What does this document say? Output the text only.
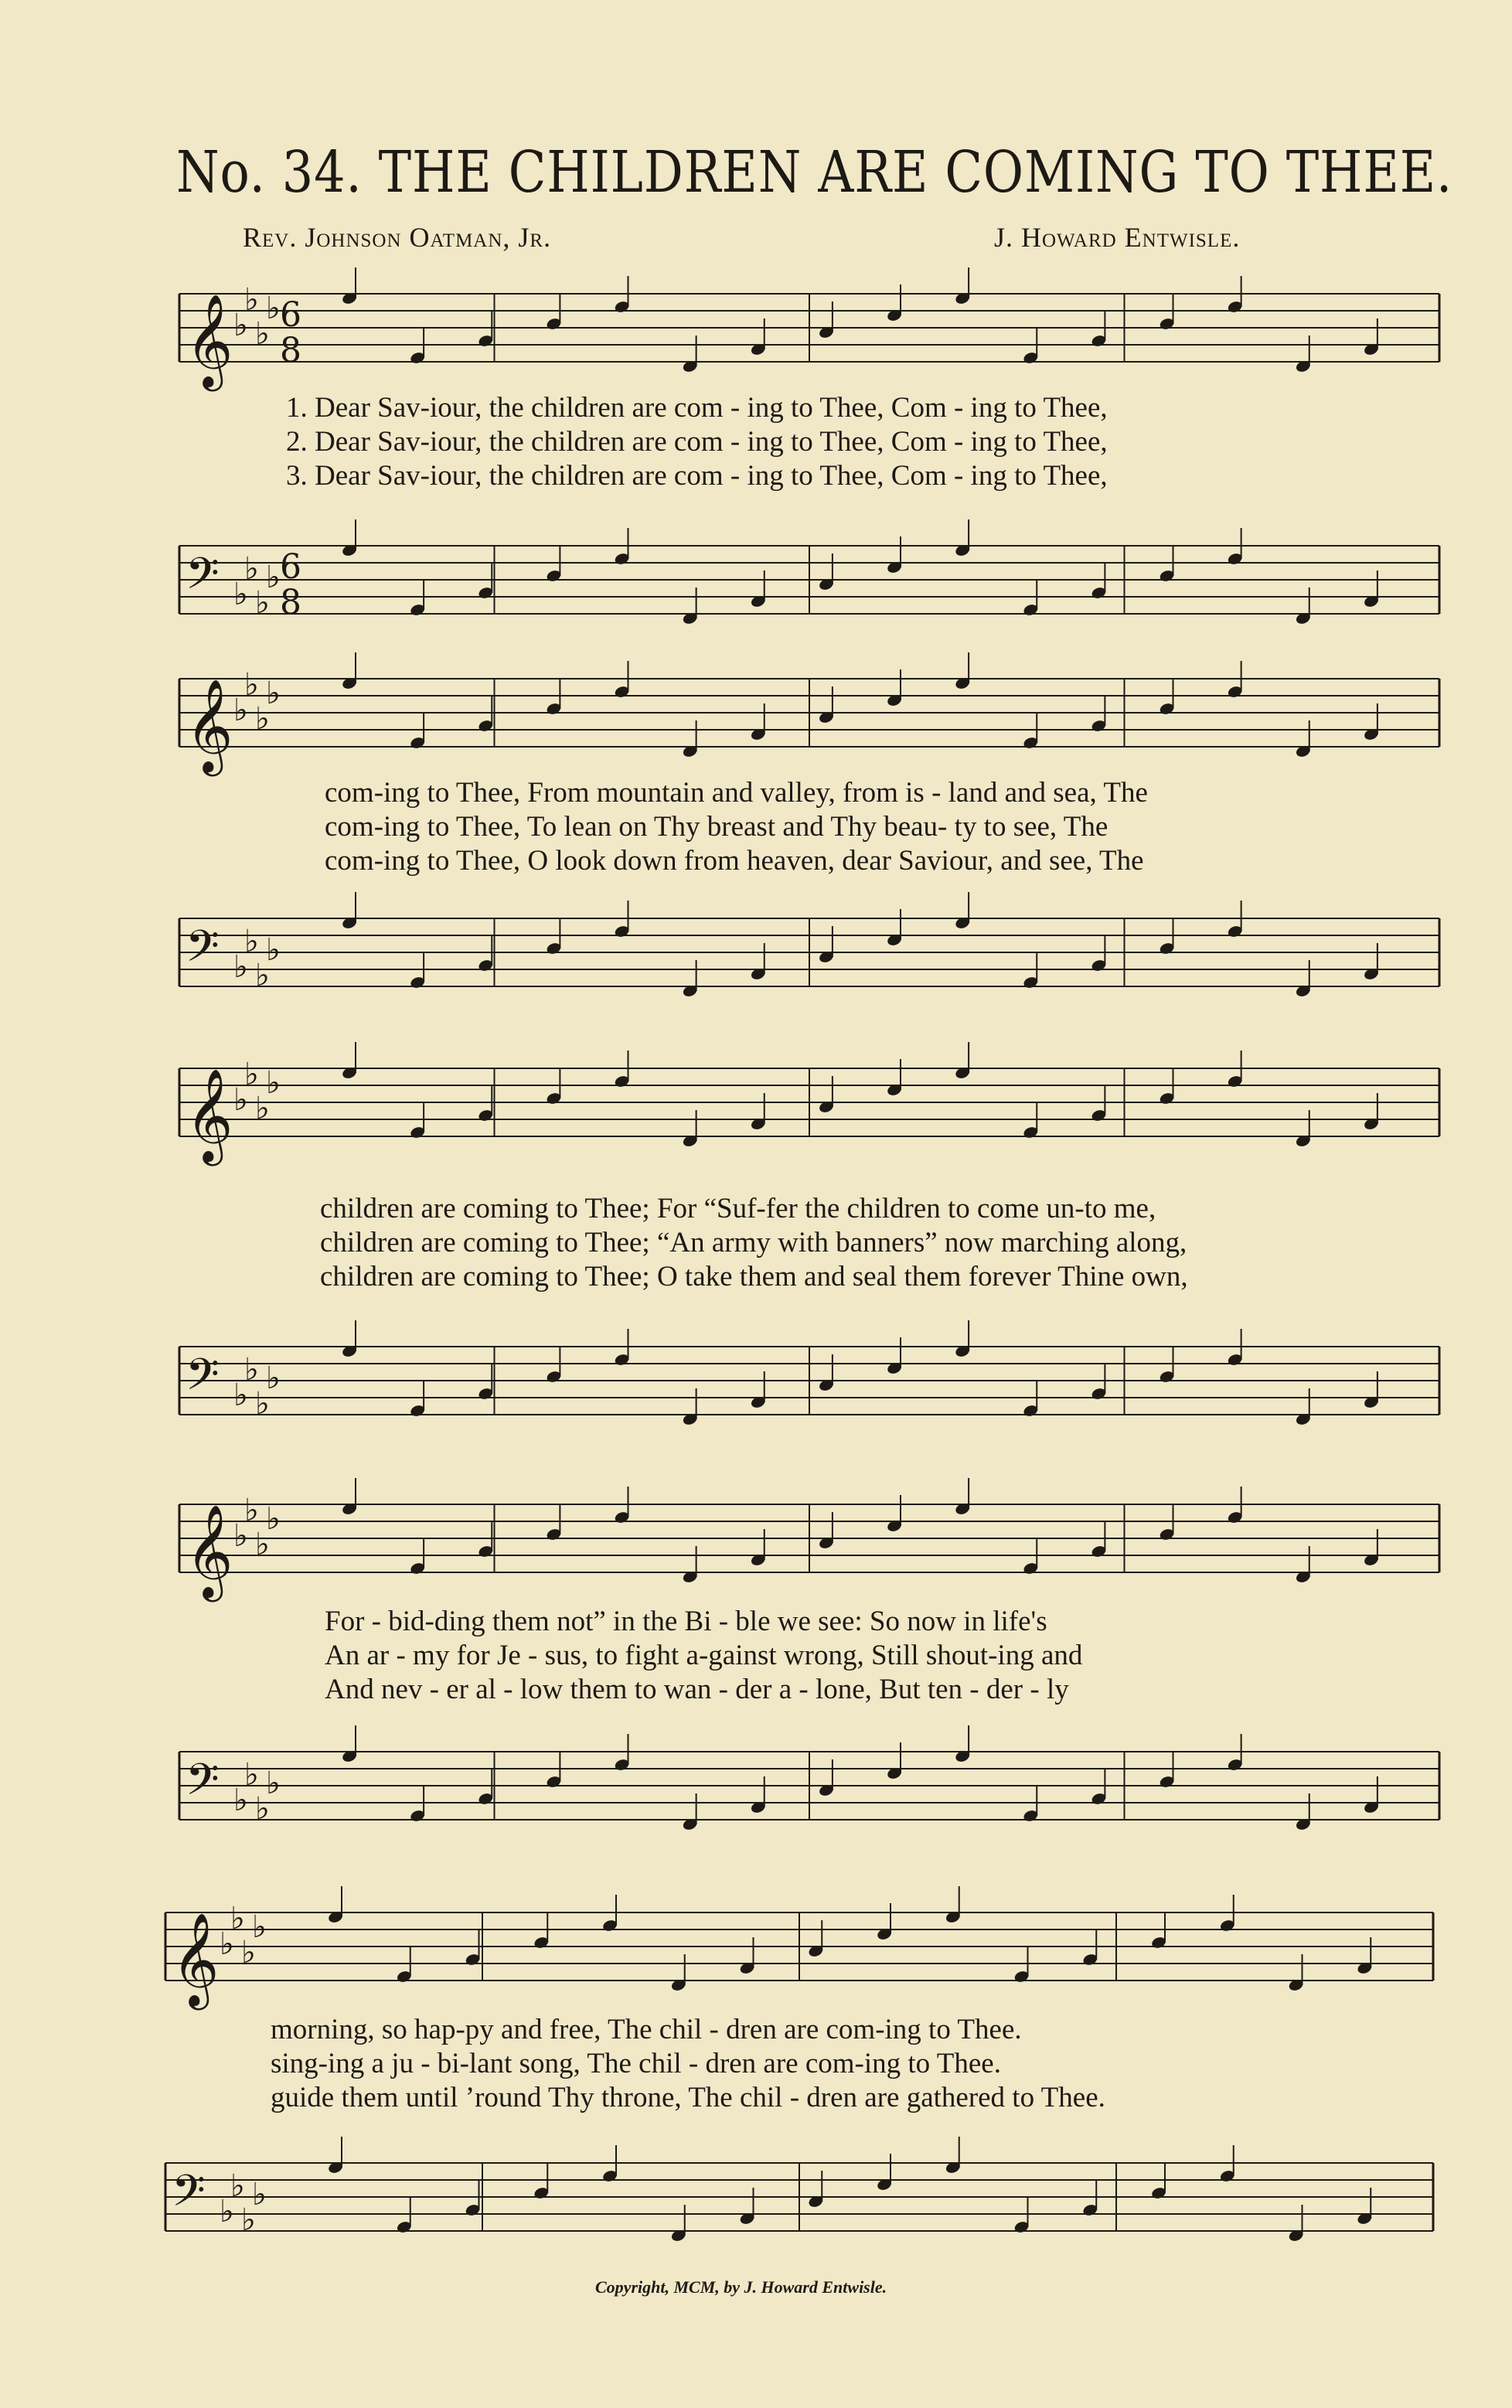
No. 34. THE CHILDREN ARE COMING TO THEE.
Rev. Johnson Oatman, Jr.	J. Howard Entwisle.
𝄞 ♭
♭
♭
♭ 6
8
1. Dear Sav-iour, the children are com - ing to Thee, Com - ing to Thee,
2. Dear Sav-iour, the children are com - ing to Thee, Com - ing to Thee,
3. Dear Sav-iour, the children are com - ing to Thee, Com - ing to Thee,
𝄢 ♭
♭
♭
♭ 6
8
𝄞 ♭
♭
♭
♭
com-ing to Thee, From mountain and valley, from is - land and sea, The
com-ing to Thee, To lean on Thy breast and Thy beau- ty to see, The
com-ing to Thee, O look down from heaven, dear Saviour, and see, The
𝄢 ♭
♭
♭
♭
𝄞 ♭
♭
♭
♭
children are coming to Thee; For “Suf-fer the children to come un-to me,
children are coming to Thee; “An army with banners” now marching along,
children are coming to Thee; O take them and seal them forever Thine own,
𝄢 ♭
♭
♭
♭
𝄞 ♭
♭
♭
♭
For - bid-ding them not” in the Bi - ble we see: So now in life's
An ar - my for Je - sus, to fight a-gainst wrong, Still shout-ing and
And nev - er al - low them to wan - der a - lone, But ten - der - ly
𝄢 ♭
♭
♭
♭
𝄞 ♭
♭
♭
♭
morning, so hap-py and free, The chil - dren are com-ing to Thee.
sing-ing a ju - bi-lant song, The chil - dren are com-ing to Thee.
guide them until ’round Thy throne, The chil - dren are gathered to Thee.
𝄢 ♭
♭
♭
♭
Copyright, MCM, by J. Howard Entwisle.
